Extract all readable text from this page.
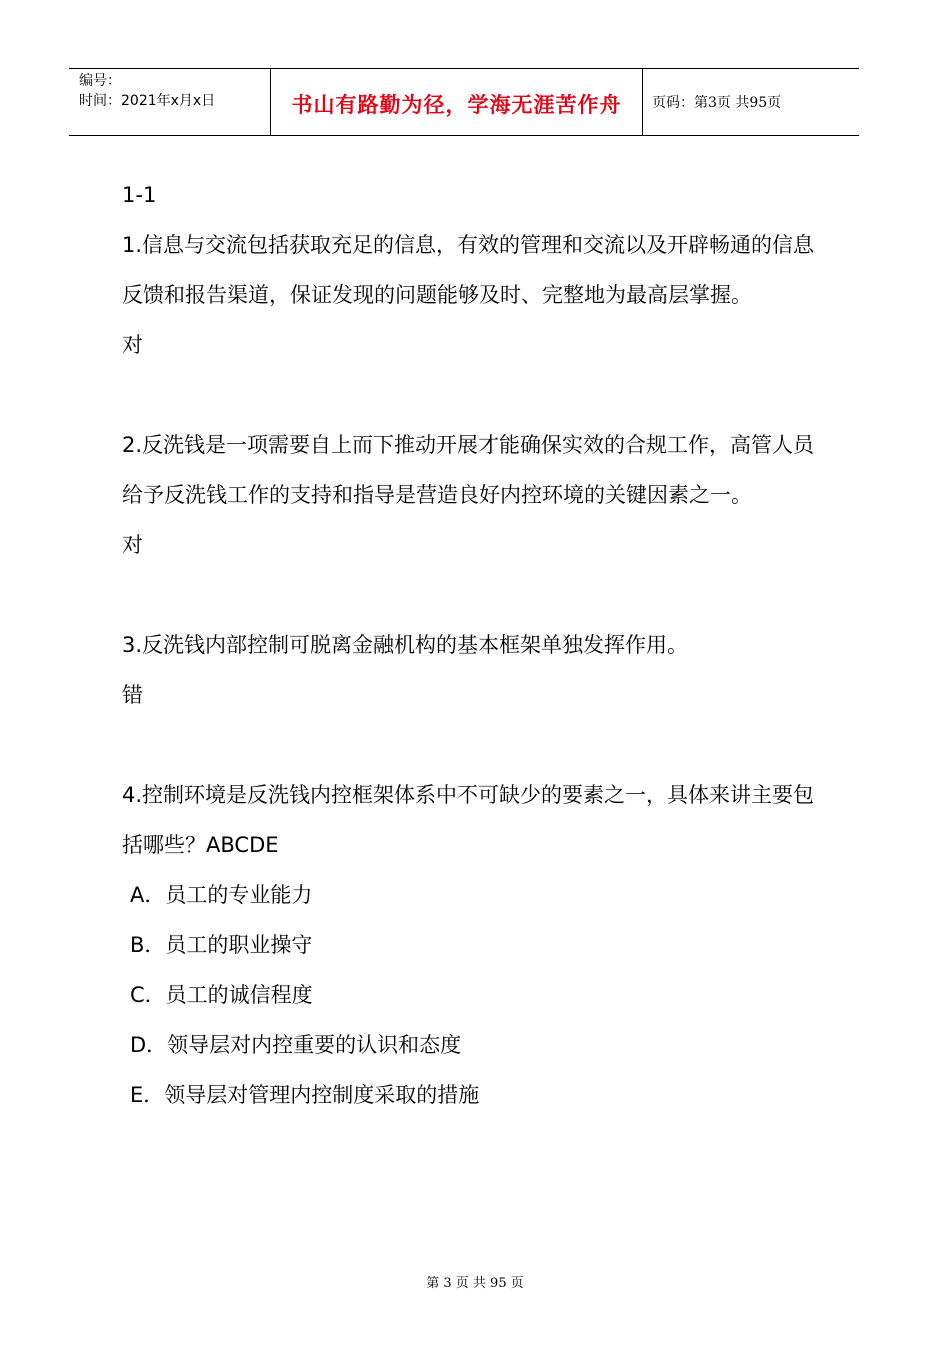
编号：
时间：2021年x月x日	书山有路勤为径，学海无涯苦作舟	页码：第3页 共95页

1-1

1.信息与交流包括获取充足的信息，有效的管理和交流以及开辟畅通的信息反馈和报告渠道，保证发现的问题能够及时、完整地为最高层掌握。

对

2.反洗钱是一项需要自上而下推动开展才能确保实效的合规工作，高管人员给予反洗钱工作的支持和指导是营造良好内控环境的关键因素之一。

对

3.反洗钱内部控制可脱离金融机构的基本框架单独发挥作用。

错

4.控制环境是反洗钱内控框架体系中不可缺少的要素之一，具体来讲主要包括哪些？ABCDE

A．员工的专业能力

B．员工的职业操守

C．员工的诚信程度

D．领导层对内控重要的认识和态度

E．领导层对管理内控制度采取的措施

第 3 页 共 95 页
